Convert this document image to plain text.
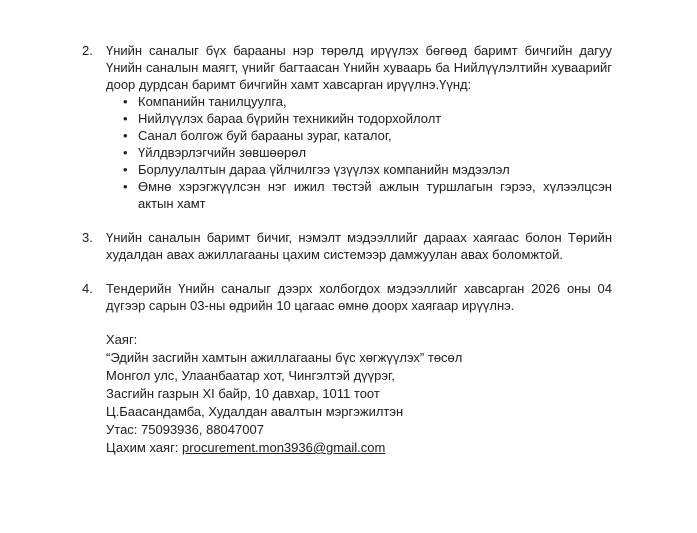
2.	Үнийн саналыг бүх барааны нэр төрөлд ирүүлэх бөгөөд баримт бичгийн дагуу Үнийн саналын маягт, үнийг багтаасан Үнийн хуваарь ба Нийлүүлэлтийн хуваарийг доор дурдсан баримт бичгийн хамт хавсарган ирүүлнэ.Үүнд:

• Компанийн танилцуулга,
• Нийлүүлэх бараа бүрийн техникийн тодорхойлолт
• Санал болгож буй барааны зураг, каталог,
• Үйлдвэрлэгчийн зөвшөөрөл
• Борлуулалтын дараа үйлчилгээ үзүүлэх компанийн мэдээлэл
• Өмнө хэрэгжүүлсэн нэг ижил төстэй ажлын туршлагын гэрээ, хүлээлцсэн актын хамт
3.	Үнийн саналын баримт бичиг, нэмэлт мэдээллийг дараах хаягаас болон Төрийн худалдан авах ажиллагааны цахим системээр дамжуулан авах боломжтой.

4.	Тендерийн Үнийн саналыг дээрх холбогдох мэдээллийг хавсарган 2026 оны 04 дүгээр сарын 03-ны өдрийн 10 цагаас өмнө доорх хаягаар ирүүлнэ.

Хаяг:

“Эдийн засгийн хамтын ажиллагааны бүс хөгжүүлэх” төсөл

Монгол улс, Улаанбаатар хот, Чингэлтэй дүүрэг,

Засгийн газрын XI байр, 10 давхар, 1011 тоот

Ц.Баасандамба, Худалдан авалтын мэргэжилтэн

Утас: 75093936, 88047007

Цахим хаяг: procurement.mon3936@gmail.com
